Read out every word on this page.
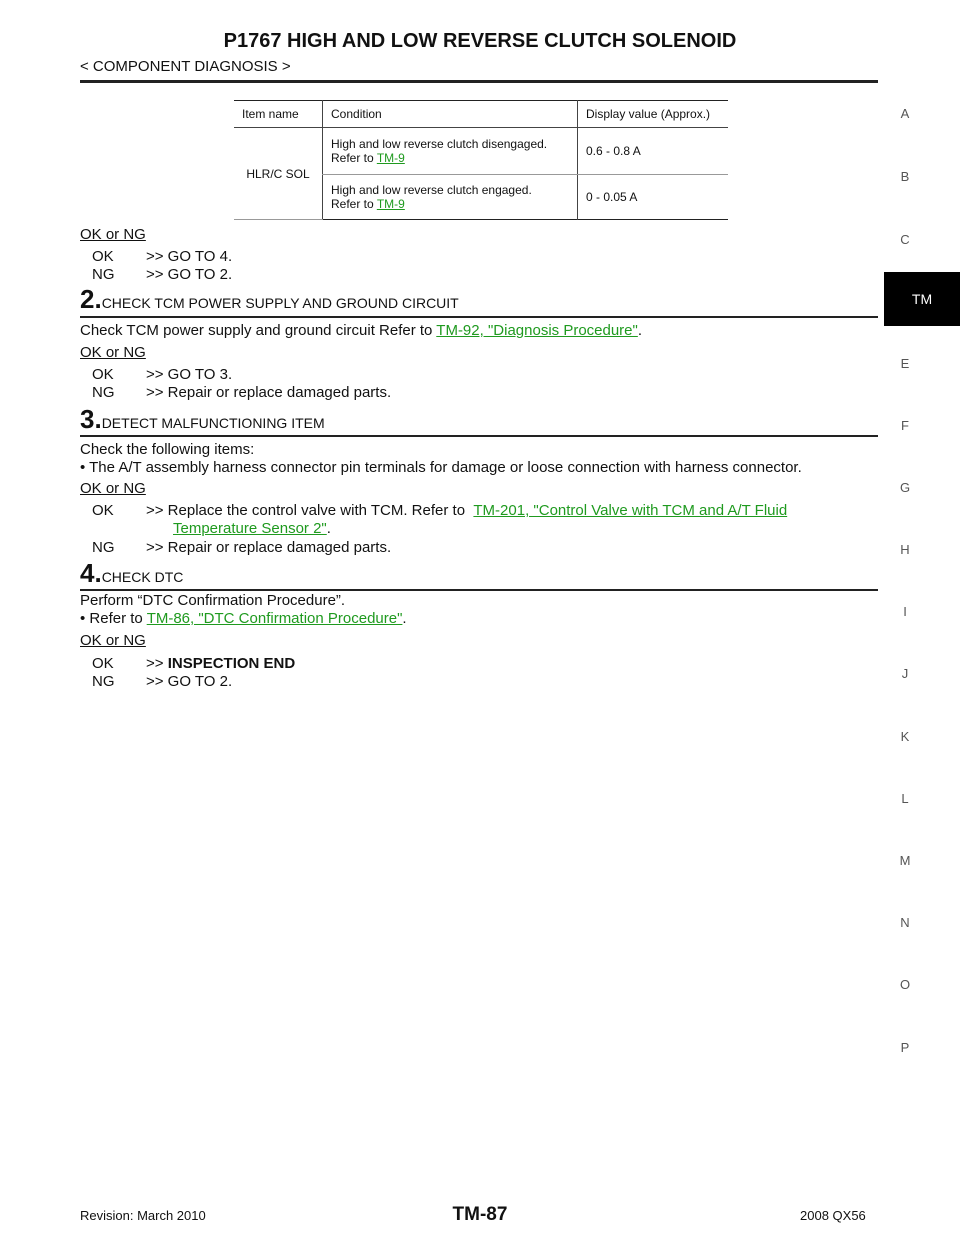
P1767 HIGH AND LOW REVERSE CLUTCH SOLENOID
< COMPONENT DIAGNOSIS >
Item name	Condition	Display value (Approx.)
HLR/C SOL	High and low reverse clutch disengaged.
Refer to TM-9	0.6 - 0.8 A
	High and low reverse clutch engaged.
Refer to TM-9	0 - 0.05 A
OK or NG
OK >> GO TO 4.
NG >> GO TO 2.
2.CHECK TCM POWER SUPPLY AND GROUND CIRCUIT
Check TCM power supply and ground circuit Refer to TM-92, "Diagnosis Procedure".
OK or NG
OK >> GO TO 3.
NG >> Repair or replace damaged parts.
3.DETECT MALFUNCTIONING ITEM
Check the following items:
• The A/T assembly harness connector pin terminals for damage or loose connection with harness connector.
OK or NG
OK >> Replace the control valve with TCM. Refer to TM-201, "Control Valve with TCM and A/T Fluid
Temperature Sensor 2".
NG >> Repair or replace damaged parts.
4.CHECK DTC
Perform “DTC Confirmation Procedure”.
• Refer to TM-86, "DTC Confirmation Procedure".
OK or NG
OK >> INSPECTION END
NG >> GO TO 2.
A
B
C
TM
E
F
G
H
I
J
K
L
M
N
O
P
Revision: March 2010	TM-87	2008 QX56
